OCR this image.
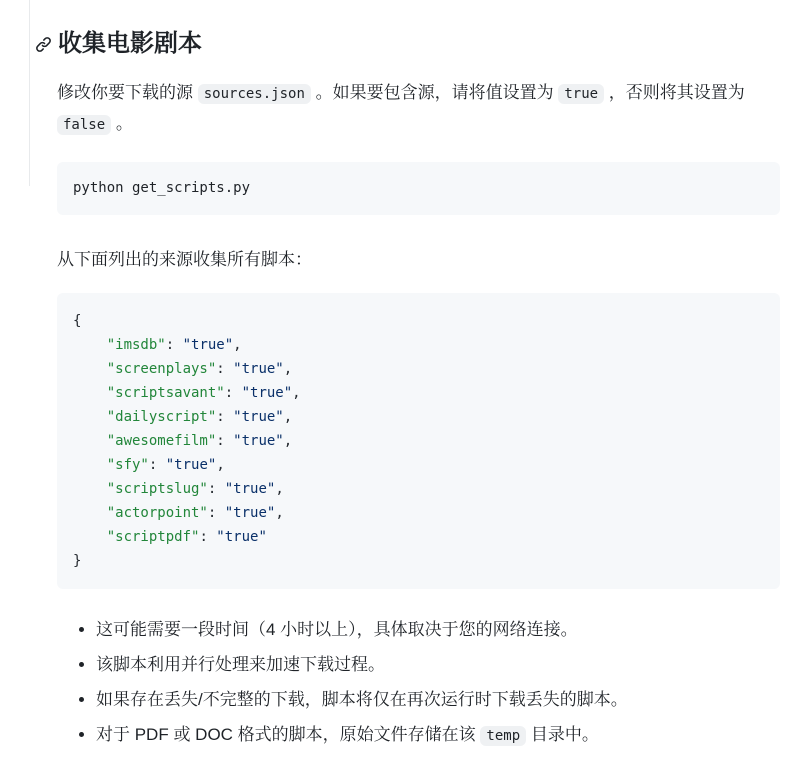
收集电影剧本

修改你要下载的源 sources.json 。如果要包含源，请将值设置为 true ，否则将其设置为 false 。

python get_scripts.py

从下面列出的来源收集所有脚本：

{
"imsdb": "true",
"screenplays": "true",
"scriptsavant": "true",
"dailyscript": "true",
"awesomefilm": "true",
"sfy": "true",
"scriptslug": "true",
"actorpoint": "true",
"scriptpdf": "true"
}
• 这可能需要一段时间（4 小时以上），具体取决于您的网络连接。
• 该脚本利用并行处理来加速下载过程。
• 如果存在丢失/不完整的下载，脚本将仅在再次运行时下载丢失的脚本。
• 对于 PDF 或 DOC 格式的脚本，原始文件存储在该 temp 目录中。
